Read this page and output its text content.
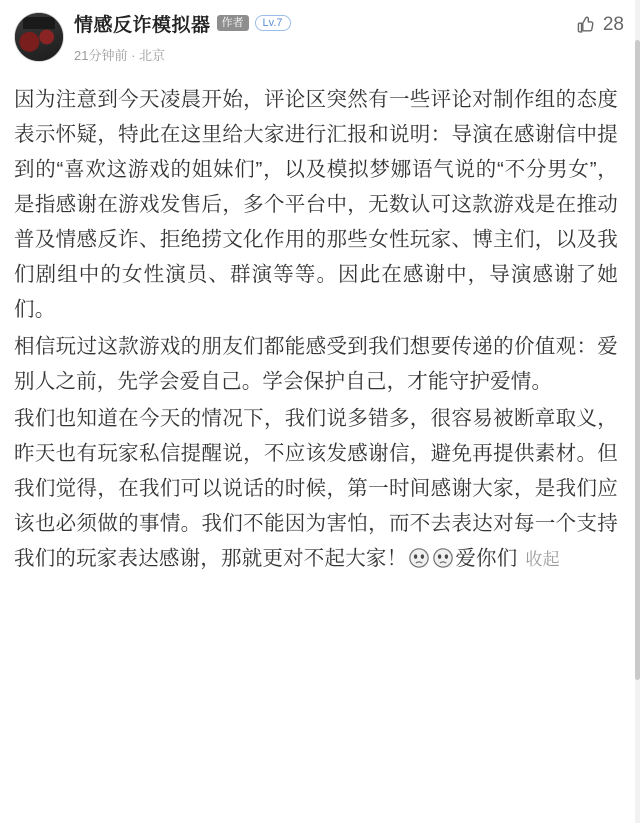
情感反诈模拟器	作者	Lv.7
21分钟前 · 北京
28

因为注意到今天凌晨开始，评论区突然有一些评论对制作组的态度表示怀疑，特此在这里给大家进行汇报和说明：导演在感谢信中提到的“喜欢这游戏的姐妹们”，以及模拟梦娜语气说的“不分男女”，是指感谢在游戏发售后，多个平台中，无数认可这款游戏是在推动普及情感反诈、拒绝捞文化作用的那些女性玩家、博主们，以及我们剧组中的女性演员、群演等等。因此在感谢中，导演感谢了她们。

相信玩过这款游戏的朋友们都能感受到我们想要传递的价值观：爱别人之前，先学会爱自己。学会保护自己，才能守护爱情。

我们也知道在今天的情况下，我们说多错多，很容易被断章取义，昨天也有玩家私信提醒说，不应该发感谢信，避免再提供素材。但我们觉得，在我们可以说话的时候，第一时间感谢大家，是我们应该也必须做的事情。我们不能因为害怕，而不去表达对每一个支持我们的玩家表达感谢，那就更对不起大家！ 爱你们 收起
